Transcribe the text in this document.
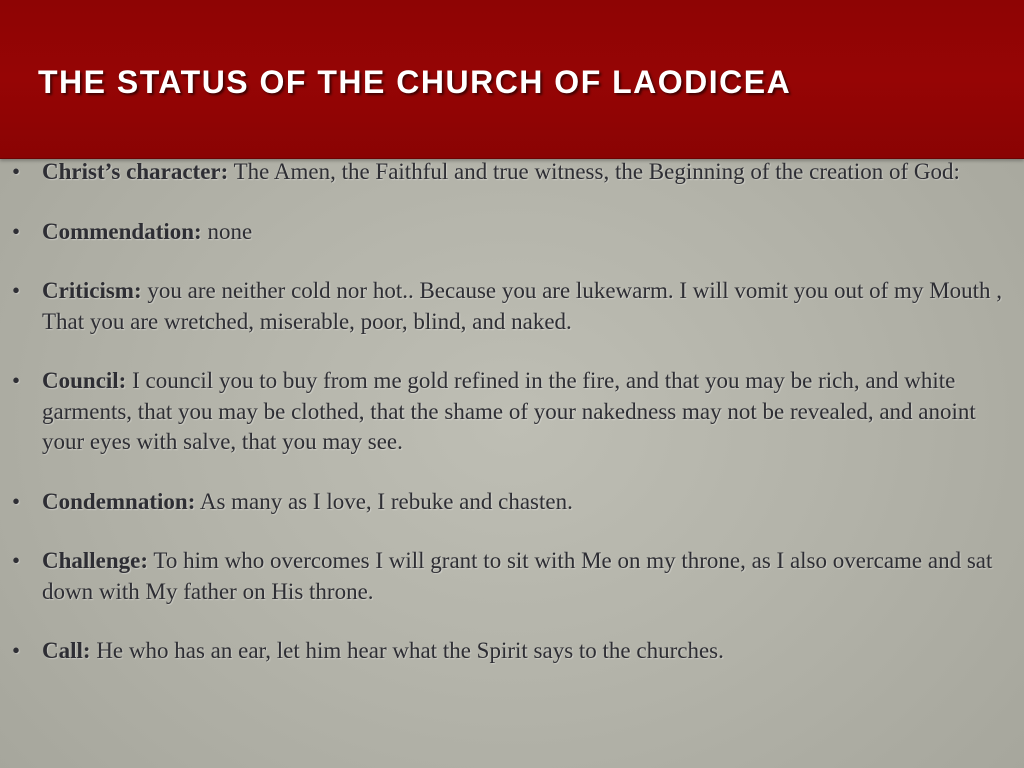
THE STATUS OF THE CHURCH OF LAODICEA
• Christ’s character: The Amen, the Faithful and true witness, the Beginning of the creation of God:
• Commendation: none
• Criticism: you are neither cold nor hot.. Because you are lukewarm. I will vomit you out of my Mouth , That you are wretched, miserable, poor, blind, and naked.
• Council: I council you to buy from me gold refined in the fire, and that you may be rich, and white garments, that you may be clothed, that the shame of your nakedness may not be revealed, and anoint your eyes with salve, that you may see.
• Condemnation: As many as I love, I rebuke and chasten.
• Challenge: To him who overcomes I will grant to sit with Me on my throne, as I also overcame and sat down with My father on His throne.
• Call: He who has an ear, let him hear what the Spirit says to the churches.
